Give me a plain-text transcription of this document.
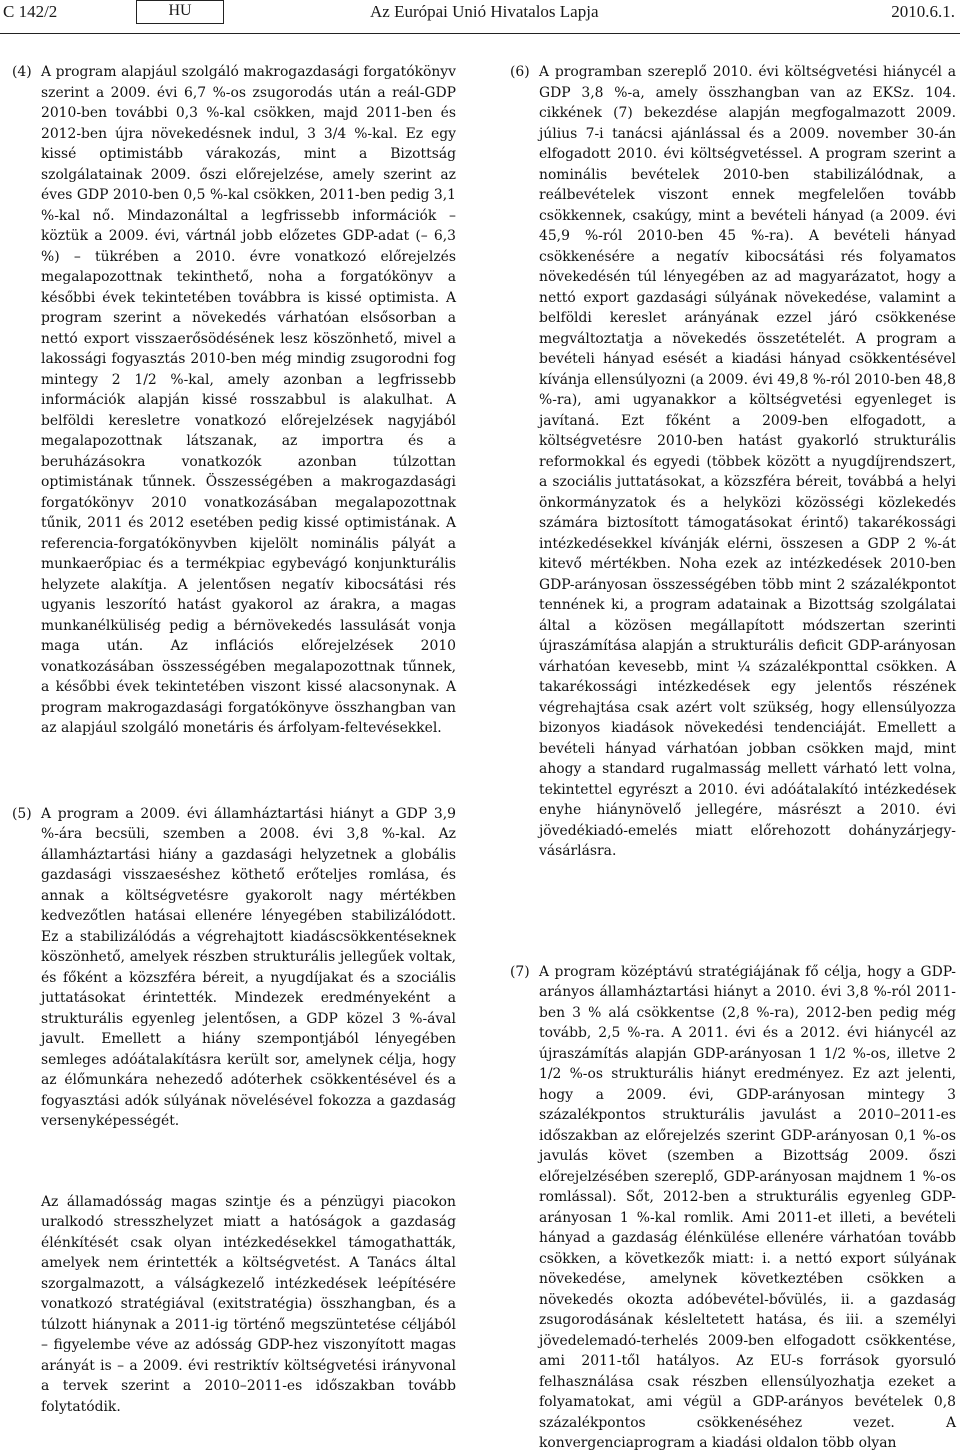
C 142/2	HU	Az Európai Unió Hivatalos Lapja	2010.6.1.

(4) A program alapjául szolgáló makrogazdasági forgatókönyv szerint a 2009. évi 6,7 %-os zsugorodás után a reál-GDP 2010-ben további 0,3 %-kal csökken, majd 2011-ben és 2012-ben újra növekedésnek indul, 3 3/4 %-kal. Ez egy kissé optimistább várakozás, mint a Bizottság szolgálatainak 2009. őszi előrejelzése, amely szerint az éves GDP 2010-ben 0,5 %-kal csökken, 2011-ben pedig 3,1 %-kal nő. Mindazonáltal a legfrissebb információk – köztük a 2009. évi, vártnál jobb előzetes GDP-adat (– 6,3 %) – tükrében a 2010. évre vonatkozó előrejelzés megalapozottnak tekinthető, noha a forgatókönyv a későbbi évek tekintetében továbbra is kissé optimista. A program szerint a növekedés várhatóan elsősorban a nettó export visszaerősödésének lesz köszönhető, mivel a lakossági fogyasztás 2010-ben még mindig zsugorodni fog mintegy 2 1/2 %-kal, amely azonban a legfrissebb információk alapján kissé rosszabbul is alakulhat. A belföldi keresletre vonatkozó előrejelzések nagyjából megalapozottnak látszanak, az importra és a beruházásokra vonatkozók azonban túlzottan optimistának tűnnek. Összességében a makrogazdasági forgatókönyv 2010 vonatkozásában megalapozottnak tűnik, 2011 és 2012 esetében pedig kissé optimistának. A referencia-forgatókönyvben kijelölt nominális pályát a munkaerőpiac és a termékpiac egybevágó konjunkturális helyzete alakítja. A jelentősen negatív kibocsátási rés ugyanis leszorító hatást gyakorol az árakra, a magas munkanélküliség pedig a bérnövekedés lassulását vonja maga után. Az inflációs előrejelzések 2010 vonatkozásában összességében megalapozottnak tűnnek, a későbbi évek tekintetében viszont kissé alacsonynak. A program makrogazdasági forgatókönyve összhangban van az alapjául szolgáló monetáris és árfolyam-feltevésekkel.

(5) A program a 2009. évi államháztartási hiányt a GDP 3,9 %-ára becsüli, szemben a 2008. évi 3,8 %-kal. Az államháztartási hiány a gazdasági helyzetnek a globális gazdasági visszaeséshez köthető erőteljes romlása, és annak a költségvetésre gyakorolt nagy mértékben kedvezőtlen hatásai ellenére lényegében stabilizálódott. Ez a stabilizálódás a végrehajtott kiadáscsökkentéseknek köszönhető, amelyek részben strukturális jellegűek voltak, és főként a közszféra béreit, a nyugdíjakat és a szociális juttatásokat érintették. Mindezek eredményeként a strukturális egyenleg jelentősen, a GDP közel 3 %-ával javult. Emellett a hiány szempontjából lényegében semleges adóátalakításra került sor, amelynek célja, hogy az élőmunkára nehezedő adóterhek csökkentésével és a fogyasztási adók súlyának növelésével fokozza a gazdaság versenyképességét.

Az államadósság magas szintje és a pénzügyi piacokon uralkodó stresszhelyzet miatt a hatóságok a gazdaság élénkítését csak olyan intézkedésekkel támogathatták, amelyek nem érintették a költségvetést. A Tanács által szorgalmazott, a válságkezelő intézkedések leépítésére vonatkozó stratégiával (exitstratégia) összhangban, és a túlzott hiánynak a 2011-ig történő megszüntetése céljából – figyelembe véve az adósság GDP-hez viszonyított magas arányát is – a 2009. évi restriktív költségvetési irányvonal a tervek szerint a 2010–2011-es időszakban tovább folytatódik.

(6) A programban szereplő 2010. évi költségvetési hiánycél a GDP 3,8 %-a, amely összhangban van az EKSz. 104. cikkének (7) bekezdése alapján megfogalmazott 2009. július 7-i tanácsi ajánlással és a 2009. november 30-án elfogadott 2010. évi költségvetéssel. A program szerint a nominális bevételek 2010-ben stabilizálódnak, a reálbevételek viszont ennek megfelelően tovább csökkennek, csakúgy, mint a bevételi hányad (a 2009. évi 45,9 %-ról 2010-ben 45 %-ra). A bevételi hányad csökkenésére a negatív kibocsátási rés folyamatos növekedésén túl lényegében az ad magyarázatot, hogy a nettó export gazdasági súlyának növekedése, valamint a belföldi kereslet arányának ezzel járó csökkenése megváltoztatja a növekedés összetételét. A program a bevételi hányad esését a kiadási hányad csökkentésével kívánja ellensúlyozni (a 2009. évi 49,8 %-ról 2010-ben 48,8 %-ra), ami ugyanakkor a költségvetési egyenleget is javítaná. Ezt főként a 2009-ben elfogadott, a költségvetésre 2010-ben hatást gyakorló strukturális reformokkal és egyedi (többek között a nyugdíjrendszert, a szociális juttatásokat, a közszféra béreit, továbbá a helyi önkormányzatok és a helyközi közösségi közlekedés számára biztosított támogatásokat érintő) takarékossági intézkedésekkel kívánják elérni, összesen a GDP 2 %-át kitevő mértékben. Noha ezek az intézkedések 2010-ben GDP-arányosan összességében több mint 2 százalékpontot tennének ki, a program adatainak a Bizottság szolgálatai által a közösen megállapított módszertan szerinti újraszámítása alapján a strukturális deficit GDP-arányosan várhatóan kevesebb, mint ¼ százalékponttal csökken. A takarékossági intézkedések egy jelentős részének végrehajtása csak azért volt szükség, hogy ellensúlyozza bizonyos kiadások növekedési tendenciáját. Emellett a bevételi hányad várhatóan jobban csökken majd, mint ahogy a standard rugalmasság mellett várható lett volna, tekintettel egyrészt a 2010. évi adóátalakító intézkedések enyhe hiánynövelő jellegére, másrészt a 2010. évi jövedékiadó-emelés miatt előrehozott dohányzárjegy-vásárlásra.

(7) A program középtávú stratégiájának fő célja, hogy a GDP-arányos államháztartási hiányt a 2010. évi 3,8 %-ról 2011-ben 3 % alá csökkentse (2,8 %-ra), 2012-ben pedig még tovább, 2,5 %-ra. A 2011. évi és a 2012. évi hiánycél az újraszámítás alapján GDP-arányosan 1 1/2 %-os, illetve 2 1/2 %-os strukturális hiányt eredményez. Ez azt jelenti, hogy a 2009. évi, GDP-arányosan mintegy 3 százalékpontos strukturális javulást a 2010–2011-es időszakban az előrejelzés szerint GDP-arányosan 0,1 %-os javulás követ (szemben a Bizottság 2009. őszi előrejelzésében szereplő, GDP-arányosan majdnem 1 %-os romlással). Sőt, 2012-ben a strukturális egyenleg GDP-arányosan 1 %-kal romlik. Ami 2011-et illeti, a bevételi hányad a gazdaság élénkülése ellenére várhatóan tovább csökken, a következők miatt: i. a nettó export súlyának növekedése, amelynek következtében csökken a növekedés okozta adóbevétel-bővülés, ii. a gazdaság zsugorodásának késleltetett hatása, és iii. a személyi jövedelemadó-terhelés 2009-ben elfogadott csökkentése, ami 2011-től hatályos. Az EU-s források gyorsuló felhasználása csak részben ellensúlyozhatja ezeket a folyamatokat, ami végül a GDP-arányos bevételek 0,8 százalékpontos csökkenéséhez vezet. A konvergenciaprogram a kiadási oldalon több olyan
